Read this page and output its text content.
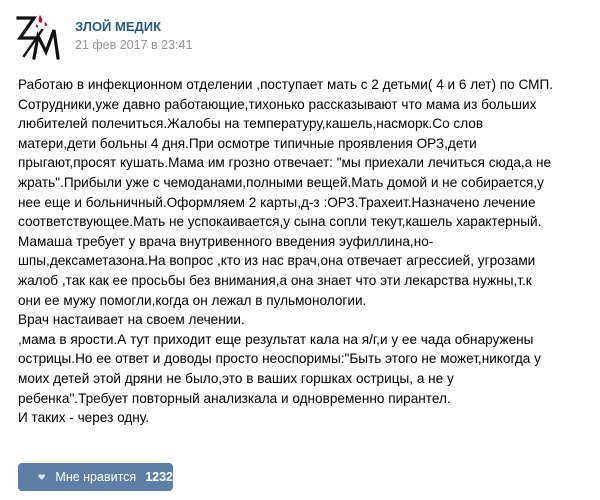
ЗЛОЙ МЕДИК
21 фев 2017 в 23:41
Работаю в инфекционном отделении ,поступает мать с 2 детьми( 4 и 6 лет) по СМП.
Сотрудники,уже давно работающие,тихонько рассказывают что мама из больших
любителей полечиться.Жалобы на температуру,кашель,насморк.Со слов
матери,дети больны 4 дня.При осмотре типичные проявления ОРЗ,дети
прыгают,просят кушать.Мама им грозно отвечает: "мы приехали лечиться сюда,а не
жрать".Прибыли уже с чемоданами,полными вещей.Мать домой и не собирается,у
нее еще и больничный.Оформляем 2 карты,д-з :ОРЗ.Трахеит.Назначено лечение
соответствующее.Мать не успокаивается,у сына сопли текут,кашель характерный.
Мамаша требует у врача внутривенного введения эуфиллина,но-
шпы,дексаметазона.На вопрос ,кто из нас врач,она отвечает агрессией, угрозами
жалоб ,так как ее просьбы без внимания,а она знает что эти лекарства нужны,т.к
они ее мужу помогли,когда он лежал в пульмонологии.
Врач настаивает на своем лечении.
,мама в ярости.А тут приходит еще результат кала на я/г,и у ее чада обнаружены
острицы.Но ее ответ и доводы просто неоспоримы:"Быть этого не может,никогда у
моих детей этой дряни не было,это в ваших горшках острицы, а не у
ребенка".Требует повторный анализкала и одновременно пирантел.
И таких - через одну.
Мне нравится 1232
